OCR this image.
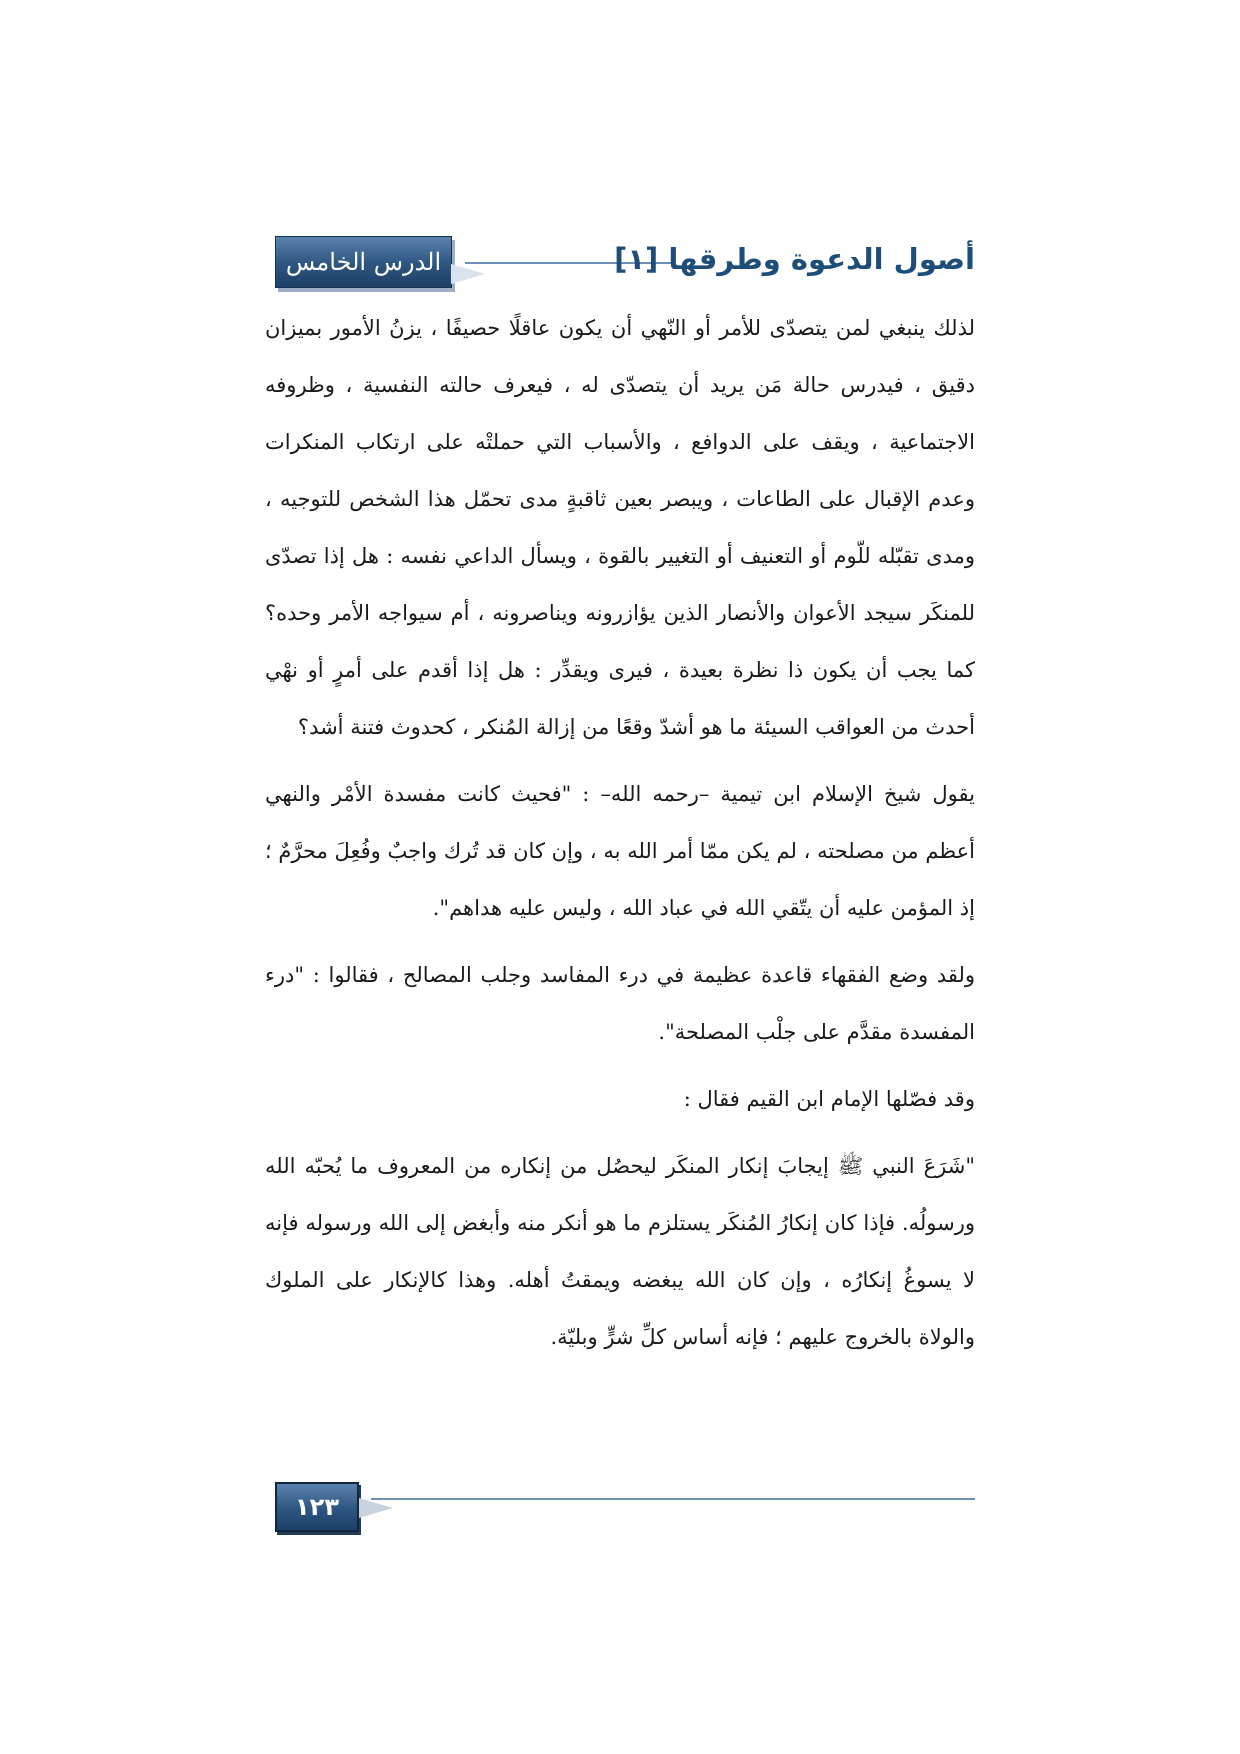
الدرس الخامس	أصول الدعوة وطرقها [١]

لذلك ينبغي لمن يتصدّى للأمر أو النّهي أن يكون عاقلًا حصيفًا ، يزنُ الأمور بميزان دقيق ، فيدرس حالة مَن يريد أن يتصدّى له ، فيعرف حالته النفسية ، وظروفه الاجتماعية ، ويقف على الدوافع ، والأسباب التي حملتْه على ارتكاب المنكرات وعدم الإقبال على الطاعات ، ويبصر بعين ثاقبةٍ مدى تحمّل هذا الشخص للتوجيه ، ومدى تقبّله للّوم أو التعنيف أو التغيير بالقوة ، ويسأل الداعي نفسه : هل إذا تصدّى للمنكَر سيجد الأعوان والأنصار الذين يؤازرونه ويناصرونه ، أم سيواجه الأمر وحده؟ كما يجب أن يكون ذا نظرة بعيدة ، فيرى ويقدِّر : هل إذا أقدم على أمرٍ أو نهْي أحدث من العواقب السيئة ما هو أشدّ وقعًا من إزالة المُنكر ، كحدوث فتنة أشد؟

يقول شيخ الإسلام ابن تيمية –رحمه الله– : "فحيث كانت مفسدة الأمْر والنهي أعظم من مصلحته ، لم يكن ممّا أمر الله به ، وإن كان قد تُرك واجبٌ وفُعِلَ محرَّمٌ ؛ إذ المؤمن عليه أن يتّقي الله في عباد الله ، وليس عليه هداهم".

ولقد وضع الفقهاء قاعدة عظيمة في درء المفاسد وجلب المصالح ، فقالوا : "درء المفسدة مقدَّم على جلْب المصلحة".

وقد فصّلها الإمام ابن القيم فقال :

"شَرَعَ النبي ﷺ إيجابَ إنكار المنكَر ليحصُل من إنكاره من المعروف ما يُحبّه الله ورسولُه. فإذا كان إنكارُ المُنكَر يستلزم ما هو أنكر منه وأبغض إلى الله ورسوله فإنه لا يسوغُ إنكارُه ، وإن كان الله يبغضه ويمقتُ أهله. وهذا كالإنكار على الملوك والولاة بالخروج عليهم ؛ فإنه أساس كلِّ شرٍّ وبليّة.

١٢٣
